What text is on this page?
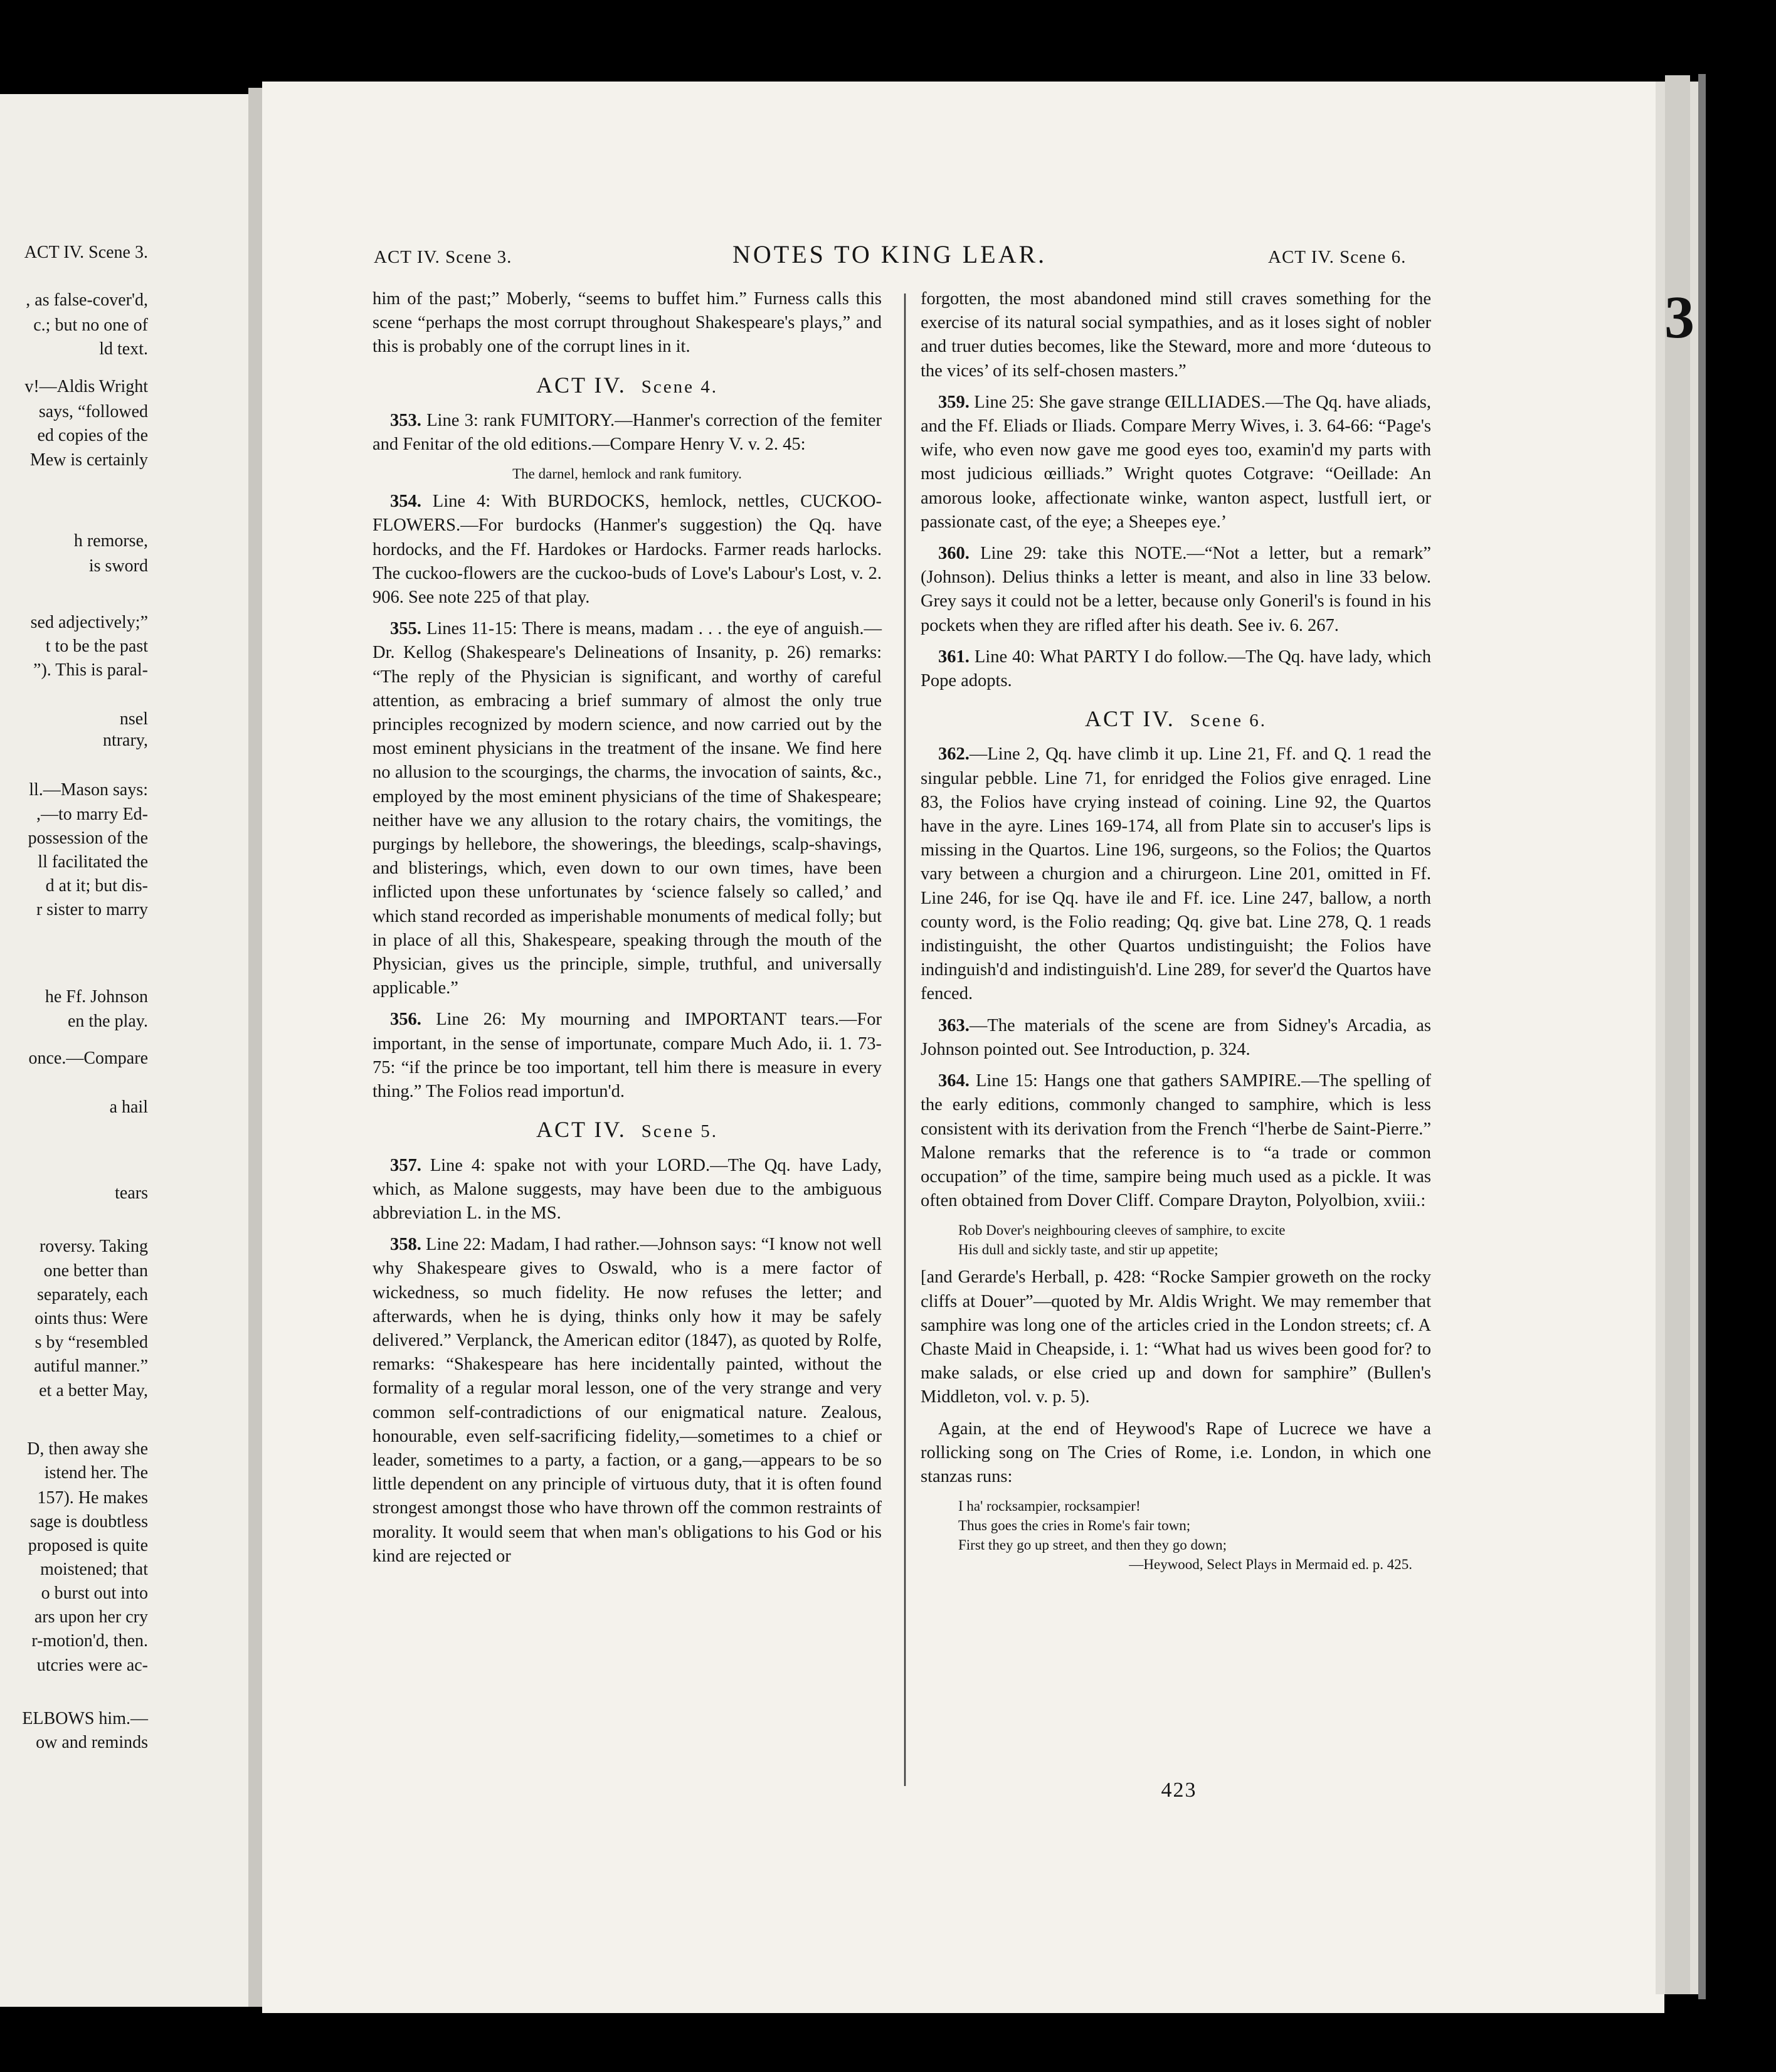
ACT IV. Scene 3.
, as false-cover'd,
c.; but no one of
ld text.
v!—Aldis Wright
says, “followed
ed copies of the
Mew is certainly
h remorse,
is sword
sed adjectively;”
t to be the past
”). This is paral-
nsel
ntrary,
ll.—Mason says:
,—to marry Ed-
possession of the
ll facilitated the
d at it; but dis-
r sister to marry
he Ff. Johnson
en the play.
once.—Compare
a hail
tears
roversy. Taking
one better than
separately, each
oints thus: Were
s by “resembled
autiful manner.”
et a better May,
D, then away she
istend her. The
157). He makes
sage is doubtless
proposed is quite
moistened; that
o burst out into
ars upon her cry
r-motion'd, then.
utcries were ac-
ELBOWS him.—
ow and reminds
ACT IV. Scene 3.	NOTES TO KING LEAR.	ACT IV. Scene 6.
3

him of the past;” Moberly, “seems to buffet him.” Furness calls this scene “perhaps the most corrupt throughout Shakespeare's plays,” and this is probably one of the corrupt lines in it.

ACT IV. Scene 4.

353. Line 3: rank FUMITORY.—Hanmer's correction of the femiter and Fenitar of the old editions.—Compare Henry V. v. 2. 45:

The darnel, hemlock and rank fumitory.

354. Line 4: With BURDOCKS, hemlock, nettles, CUCKOO-FLOWERS.—For burdocks (Hanmer's suggestion) the Qq. have hordocks, and the Ff. Hardokes or Hardocks. Farmer reads harlocks. The cuckoo-flowers are the cuckoo-buds of Love's Labour's Lost, v. 2. 906. See note 225 of that play.

355. Lines 11-15: There is means, madam . . . the eye of anguish.—Dr. Kellog (Shakespeare's Delineations of Insanity, p. 26) remarks: “The reply of the Physician is significant, and worthy of careful attention, as embracing a brief summary of almost the only true principles recognized by modern science, and now carried out by the most eminent physicians in the treatment of the insane. We find here no allusion to the scourgings, the charms, the invocation of saints, &c., employed by the most eminent physicians of the time of Shakespeare; neither have we any allusion to the rotary chairs, the vomitings, the purgings by hellebore, the showerings, the bleedings, scalp-shavings, and blisterings, which, even down to our own times, have been inflicted upon these unfortunates by ‘science falsely so called,’ and which stand recorded as imperishable monuments of medical folly; but in place of all this, Shakespeare, speaking through the mouth of the Physician, gives us the principle, simple, truthful, and universally applicable.”

356. Line 26: My mourning and IMPORTANT tears.—For important, in the sense of importunate, compare Much Ado, ii. 1. 73-75: “if the prince be too important, tell him there is measure in every thing.” The Folios read importun'd.

ACT IV. Scene 5.

357. Line 4: spake not with your LORD.—The Qq. have Lady, which, as Malone suggests, may have been due to the ambiguous abbreviation L. in the MS.

358. Line 22: Madam, I had rather.—Johnson says: “I know not well why Shakespeare gives to Oswald, who is a mere factor of wickedness, so much fidelity. He now refuses the letter; and afterwards, when he is dying, thinks only how it may be safely delivered.” Verplanck, the American editor (1847), as quoted by Rolfe, remarks: “Shakespeare has here incidentally painted, without the formality of a regular moral lesson, one of the very strange and very common self-contradictions of our enigmatical nature. Zealous, honourable, even self-sacrificing fidelity,—sometimes to a chief or leader, sometimes to a party, a faction, or a gang,—appears to be so little dependent on any principle of virtuous duty, that it is often found strongest amongst those who have thrown off the common restraints of morality. It would seem that when man's obligations to his God or his kind are rejected or

forgotten, the most abandoned mind still craves something for the exercise of its natural social sympathies, and as it loses sight of nobler and truer duties becomes, like the Steward, more and more ‘duteous to the vices’ of its self-chosen masters.”

359. Line 25: She gave strange ŒILLIADES.—The Qq. have aliads, and the Ff. Eliads or Iliads. Compare Merry Wives, i. 3. 64-66: “Page's wife, who even now gave me good eyes too, examin'd my parts with most judicious œilliads.” Wright quotes Cotgrave: “Oeillade: An amorous looke, affectionate winke, wanton aspect, lustfull iert, or passionate cast, of the eye; a Sheepes eye.’

360. Line 29: take this NOTE.—“Not a letter, but a remark” (Johnson). Delius thinks a letter is meant, and also in line 33 below. Grey says it could not be a letter, because only Goneril's is found in his pockets when they are rifled after his death. See iv. 6. 267.

361. Line 40: What PARTY I do follow.—The Qq. have lady, which Pope adopts.

ACT IV. Scene 6.

362.—Line 2, Qq. have climb it up. Line 21, Ff. and Q. 1 read the singular pebble. Line 71, for enridged the Folios give enraged. Line 83, the Folios have crying instead of coining. Line 92, the Quartos have in the ayre. Lines 169-174, all from Plate sin to accuser's lips is missing in the Quartos. Line 196, surgeons, so the Folios; the Quartos vary between a churgion and a chirurgeon. Line 201, omitted in Ff. Line 246, for ise Qq. have ile and Ff. ice. Line 247, ballow, a north county word, is the Folio reading; Qq. give bat. Line 278, Q. 1 reads indistinguisht, the other Quartos undistinguisht; the Folios have indinguish'd and indistinguish'd. Line 289, for sever'd the Quartos have fenced.

363.—The materials of the scene are from Sidney's Arcadia, as Johnson pointed out. See Introduction, p. 324.

364. Line 15: Hangs one that gathers SAMPIRE.—The spelling of the early editions, commonly changed to samphire, which is less consistent with its derivation from the French “l'herbe de Saint-Pierre.” Malone remarks that the reference is to “a trade or common occupation” of the time, sampire being much used as a pickle. It was often obtained from Dover Cliff. Compare Drayton, Polyolbion, xviii.:

Rob Dover's neighbouring cleeves of samphire, to excite
His dull and sickly taste, and stir up appetite;

[and Gerarde's Herball, p. 428: “Rocke Sampier groweth on the rocky cliffs at Douer”—quoted by Mr. Aldis Wright. We may remember that samphire was long one of the articles cried in the London streets; cf. A Chaste Maid in Cheapside, i. 1: “What had us wives been good for? to make salads, or else cried up and down for samphire” (Bullen's Middleton, vol. v. p. 5).

Again, at the end of Heywood's Rape of Lucrece we have a rollicking song on The Cries of Rome, i.e. London, in which one stanzas runs:

I ha' rocksampier, rocksampier!
Thus goes the cries in Rome's fair town;
First they go up street, and then they go down;
—Heywood, Select Plays in Mermaid ed. p. 425.
423
